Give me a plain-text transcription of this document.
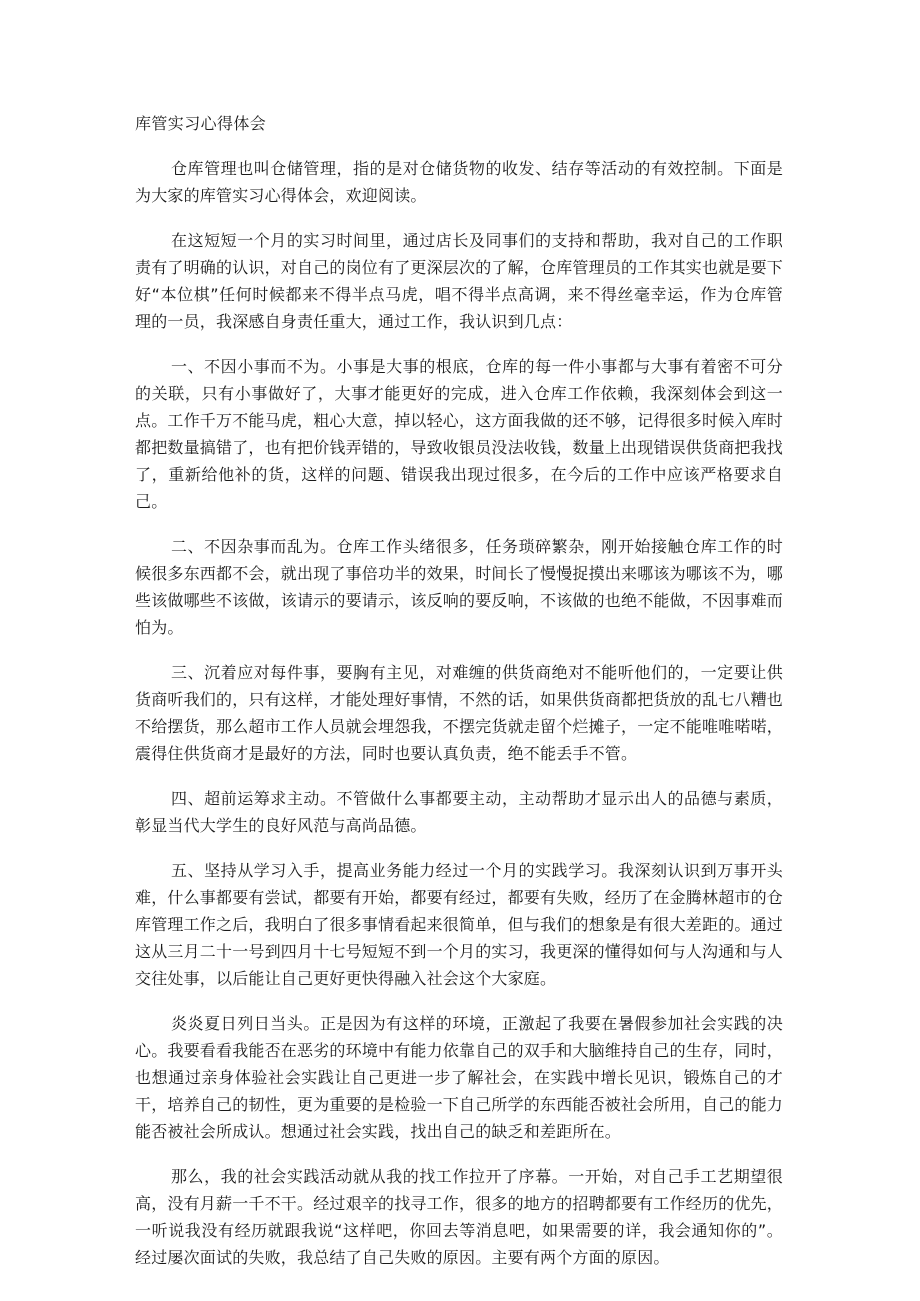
库管实习心得体会

仓库管理也叫仓储管理，指的是对仓储货物的收发、结存等活动的有效控制。下面是为大家的库管实习心得体会，欢迎阅读。

在这短短一个月的实习时间里，通过店长及同事们的支持和帮助，我对自己的工作职责有了明确的认识，对自己的岗位有了更深层次的了解，仓库管理员的工作其实也就是要下好“本位棋”任何时候都来不得半点马虎，唱不得半点高调，来不得丝毫幸运，作为仓库管理的一员，我深感自身责任重大，通过工作，我认识到几点：

一、不因小事而不为。小事是大事的根底，仓库的每一件小事都与大事有着密不可分的关联，只有小事做好了，大事才能更好的完成，进入仓库工作依赖，我深刻体会到这一点。工作千万不能马虎，粗心大意，掉以轻心，这方面我做的还不够，记得很多时候入库时都把数量搞错了，也有把价钱弄错的，导致收银员没法收钱，数量上出现错误供货商把我找了，重新给他补的货，这样的问题、错误我出现过很多，在今后的工作中应该严格要求自己。

二、不因杂事而乱为。仓库工作头绪很多，任务琐碎繁杂，刚开始接触仓库工作的时候很多东西都不会，就出现了事倍功半的效果，时间长了慢慢捉摸出来哪该为哪该不为，哪些该做哪些不该做，该请示的要请示，该反响的要反响，不该做的也绝不能做，不因事难而怕为。

三、沉着应对每件事，要胸有主见，对难缠的供货商绝对不能听他们的，一定要让供货商听我们的，只有这样，才能处理好事情，不然的话，如果供货商都把货放的乱七八糟也不给摆货，那么超市工作人员就会埋怨我，不摆完货就走留个烂摊子，一定不能唯唯喏喏，震得住供货商才是最好的方法，同时也要认真负责，绝不能丢手不管。

四、超前运筹求主动。不管做什么事都要主动，主动帮助才显示出人的品德与素质，彰显当代大学生的良好风范与高尚品德。

五、坚持从学习入手，提高业务能力经过一个月的实践学习。我深刻认识到万事开头难，什么事都要有尝试，都要有开始，都要有经过，都要有失败，经历了在金腾林超市的仓库管理工作之后，我明白了很多事情看起来很简单，但与我们的想象是有很大差距的。通过这从三月二十一号到四月十七号短短不到一个月的实习，我更深的懂得如何与人沟通和与人交往处事，以后能让自己更好更快得融入社会这个大家庭。

炎炎夏日列日当头。正是因为有这样的环境，正激起了我要在暑假参加社会实践的决心。我要看看我能否在恶劣的环境中有能力依靠自己的双手和大脑维持自己的生存，同时，也想通过亲身体验社会实践让自己更进一步了解社会，在实践中增长见识，锻炼自己的才干，培养自己的韧性，更为重要的是检验一下自己所学的东西能否被社会所用，自己的能力能否被社会所成认。想通过社会实践，找出自己的缺乏和差距所在。

那么，我的社会实践活动就从我的找工作拉开了序幕。一开始，对自己手工艺期望很高，没有月薪一千不干。经过艰辛的找寻工作，很多的地方的招聘都要有工作经历的优先，一听说我没有经历就跟我说“这样吧，你回去等消息吧，如果需要的详，我会通知你的”。经过屡次面试的失败，我总结了自己失败的原因。主要有两个方面的原因。
